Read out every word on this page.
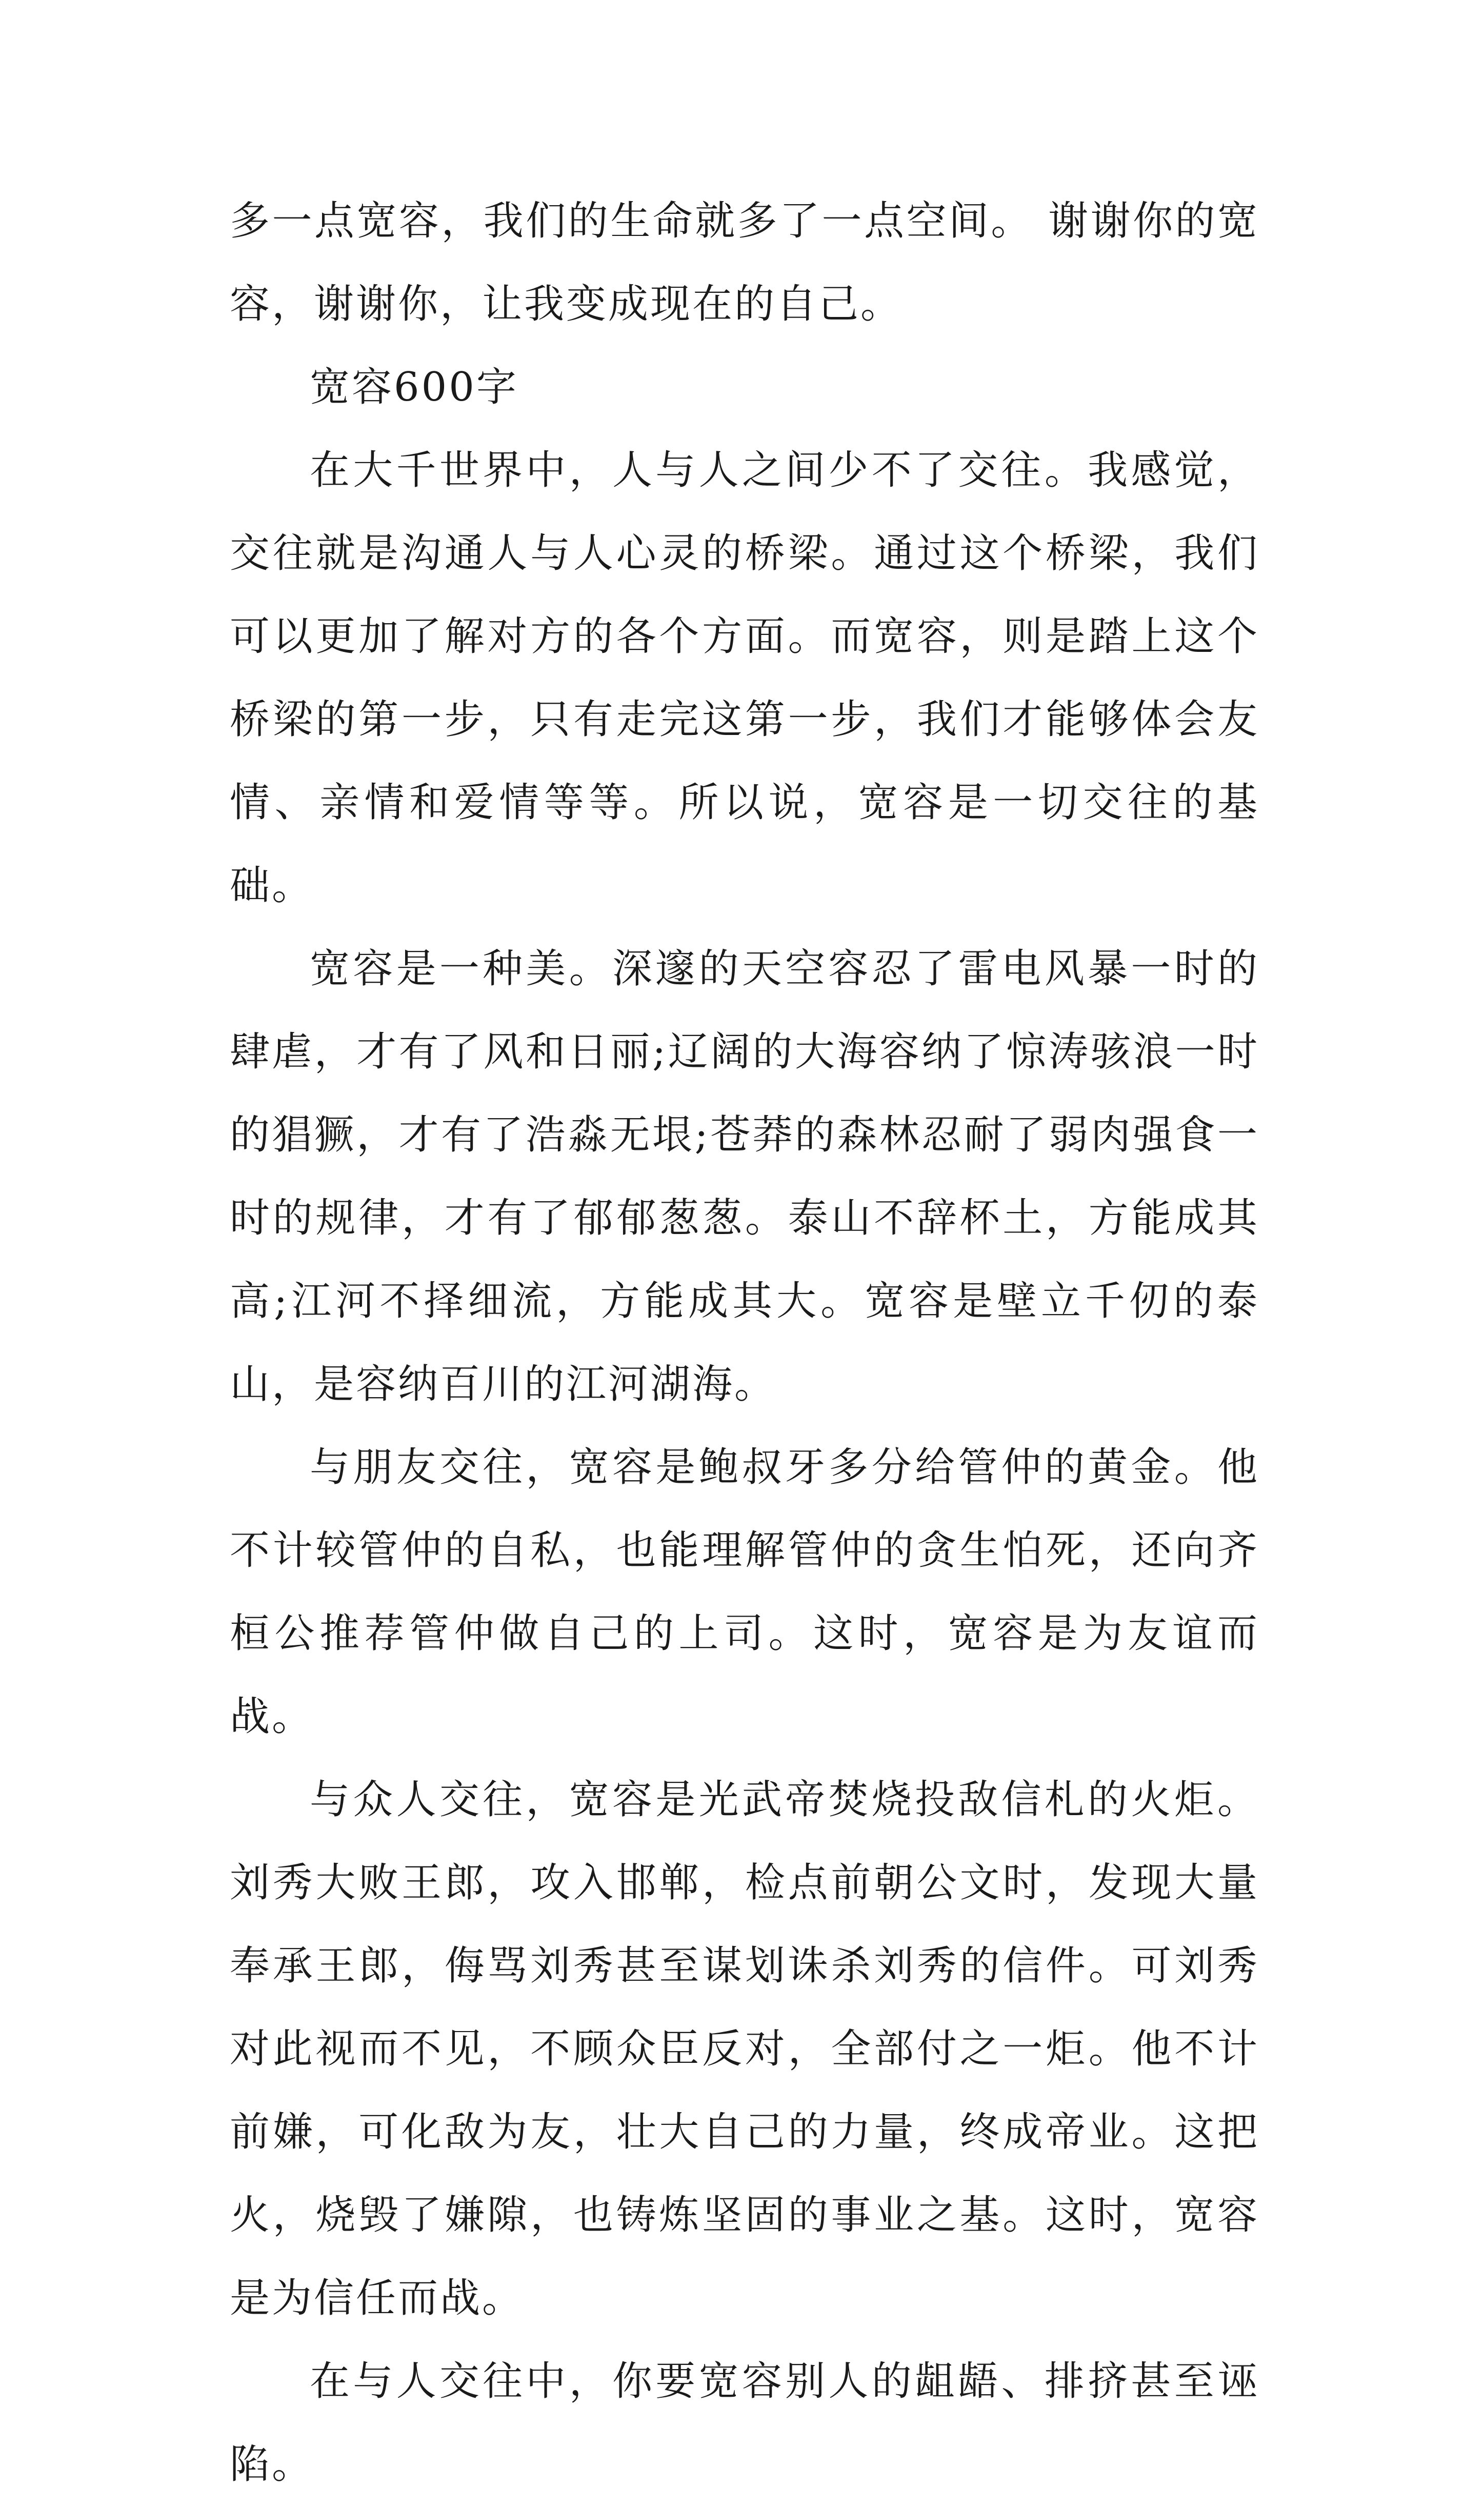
多一点宽容，我们的生命就多了一点空间。 谢谢你的宽容，谢谢你，让我变成现在的自己。

宽容600字

在大千世界中，人与人之间少不了交往。我感觉，交往就是沟通人与人心灵的桥梁。通过这个桥梁，我们可以更加了解对方的各个方面。而宽容，则是踏上这个桥梁的第一步，只有走完这第一步，我们才能够体会友情、亲情和爱情等等。所以说，宽容是一切交往的基础。

宽容是一种美。深邃的天空容忍了雷电风暴一时的肆虐，才有了风和日丽;辽阔的大海容纳了惊涛骇浪一时的猖獗，才有了浩淼无垠;苍莽的森林忍耐了弱肉强食一时的规律，才有了郁郁葱葱。泰山不辞杯土，方能成其高;江河不择细流，方能成其大。宽容是壁立千仞的泰山，是容纳百川的江河湖海。

与朋友交往，宽容是鲍叔牙多分给管仲的黄金。他不计较管仲的自私，也能理解管仲的贪生怕死，还向齐桓公推荐管仲做自己的上司。这时，宽容是为友谊而战。

与众人交往，宽容是光武帝焚烧投敌信札的火炬。刘秀大败王郎，攻入邯郸，检点前朝公文时，发现大量奉承王郎，侮骂刘秀甚至谋划诛杀刘秀的信件。可刘秀对此视而不见，不顾众臣反对，全部付之一炬。他不计前嫌，可化敌为友，壮大自己的力量，终成帝业。这把火，烧毁了嫌隙，也铸炼坚固的事业之基。这时，宽容是为信任而战。

在与人交往中，你要宽容别人的龃龉、排挤甚至诬陷。
